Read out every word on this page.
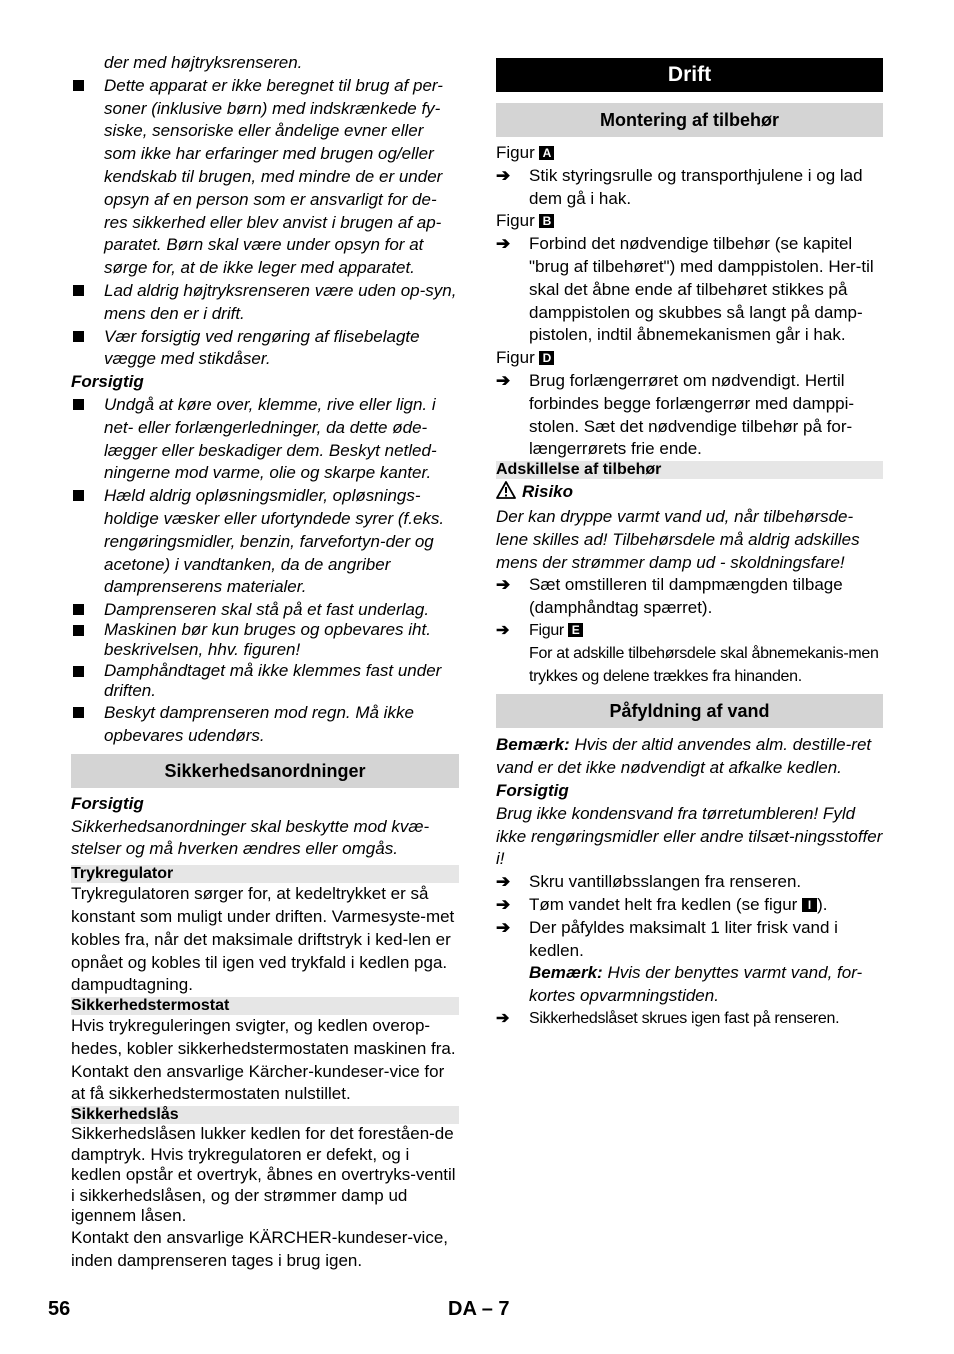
der med højtryksrenseren.

Dette apparat er ikke beregnet til brug af per-soner (inklusive børn) med indskrænkede fy-siske, sensoriske eller åndelige evner eller som ikke har erfaringer med brugen og/eller kendskab til brugen, med mindre de er under opsyn af en person som er ansvarligt for de-res sikkerhed eller blev anvist i brugen af ap-paratet. Børn skal være under opsyn for at sørge for, at de ikke leger med apparatet.
Lad aldrig højtryksrenseren være uden op-syn, mens den er i drift.
Vær forsigtig ved rengøring af flisebelagte vægge med stikdåser.

Forsigtig

Undgå at køre over, klemme, rive eller lign. i net- eller forlængerledninger, da dette øde-lægger eller beskadiger dem. Beskyt netled-ningerne mod varme, olie og skarpe kanter.
Hæld aldrig opløsningsmidler, opløsnings-holdige væsker eller ufortyndede syrer (f.eks. rengøringsmidler, benzin, farvefortyn-der og acetone) i vandtanken, da de angriber damprenserens materialer.
Damprenseren skal stå på et fast underlag.
Maskinen bør kun bruges og opbevares iht. beskrivelsen, hhv. figuren!
Damphåndtaget må ikke klemmes fast under driften.
Beskyt damprenseren mod regn. Må ikke opbevares udendørs.
Sikkerhedsanordninger

Forsigtig

Sikkerhedsanordninger skal beskytte mod kvæ-stelser og må hverken ændres eller omgås.

Trykregulator

Trykregulatoren sørger for, at kedeltrykket er så konstant som muligt under driften. Varmesyste-met kobles fra, når det maksimale driftstryk i ked-len er opnået og kobles til igen ved trykfald i kedlen pga. dampudtagning.

Sikkerhedstermostat

Hvis trykreguleringen svigter, og kedlen overop-hedes, kobler sikkerhedstermostaten maskinen fra. Kontakt den ansvarlige Kärcher-kundeser-vice for at få sikkerhedstermostaten nulstillet.

Sikkerhedslås

Sikkerhedslåsen lukker kedlen for det foreståen-de damptryk. Hvis trykregulatoren er defekt, og i kedlen opstår et overtryk, åbnes en overtryks-ventil i sikkerhedslåsen, og der strømmer damp ud igennem låsen.

Kontakt den ansvarlige KÄRCHER-kundeser-vice, inden damprenseren tages i brug igen.

Drift
Montering af tilbehør

Figur A

➔ Stik styringsrulle og transporthjulene i og lad dem gå i hak.

Figur B

➔ Forbind det nødvendige tilbehør (se kapitel "brug af tilbehøret") med damppistolen. Her-til skal det åbne ende af tilbehøret stikkes på damppistolen og skubbes så langt på damp-pistolen, indtil åbnemekanismen går i hak.

Figur D

➔ Brug forlængerrøret om nødvendigt. Hertil forbindes begge forlængerrør med damppi-stolen. Sæt det nødvendige tilbehør på for-længerrørets frie ende.
Adskillelse af tilbehør

Risiko

Der kan dryppe varmt vand ud, når tilbehørsde-lene skilles ad! Tilbehørsdele må aldrig adskilles mens der strømmer damp ud - skoldningsfare!

➔ Sæt omstilleren til dampmængden tilbage (damphåndtag spærret).
➔ Figur E
For at adskille tilbehørsdele skal åbnemekanis-men trykkes og delene trækkes fra hinanden.
Påfyldning af vand

Bemærk: Hvis der altid anvendes alm. destille-ret vand er det ikke nødvendigt at afkalke kedlen.

Forsigtig

Brug ikke kondensvand fra tørretumbleren! Fyld ikke rengøringsmidler eller andre tilsæt-ningsstoffer i!

➔ Skru vantilløbsslangen fra renseren.
➔ Tøm vandet helt fra kedlen (se figur I ).
➔ Der påfyldes maksimalt 1 liter frisk vand i kedlen.

Bemærk: Hvis der benyttes varmt vand, for-kortes opvarmningstiden.

➔ Sikkerhedslåset skrues igen fast på renseren.
56	DA – 7
